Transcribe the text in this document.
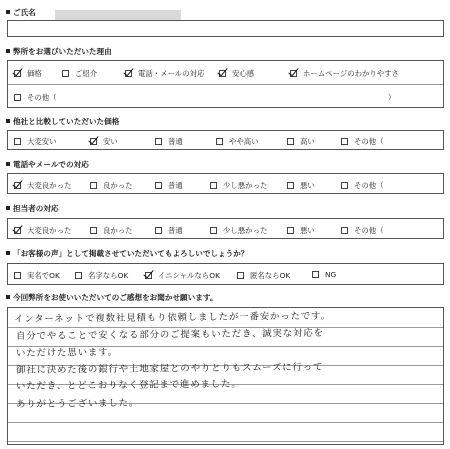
ご氏名
弊所をお選びいただいた理由
価格	ご紹介	電話・メールの対応	安心感	ホームページのわかりやすさ
その他（	）
他社と比較していただいた価格
大変安い	安い	普通	やや高い	高い	その他（
電話やメールでの対応
大変良かった	良かった	普通	少し悪かった	悪い	その他（
担当者の対応
大変良かった	良かった	普通	少し悪かった	悪い	その他（
「お客様の声」として掲載させていただいてもよろしいでしょうか？
実名でOK	名字ならOK	イニシャルならOK	匿名ならOK	NG
今回弊所をお使いいただいてのご感想をお聞かせ願います。
インターネットで複数社見積もり依頼しましたが一番安かったです。
自分でやることで安くなる部分のご提案もいただき、誠実な対応を
いただけた思います。
御社に決めた後の銀行や土地家屋とのやりとりもスムーズに行って
いただき、とどこおりなく登記まで進めました。
ありがとうございました。
